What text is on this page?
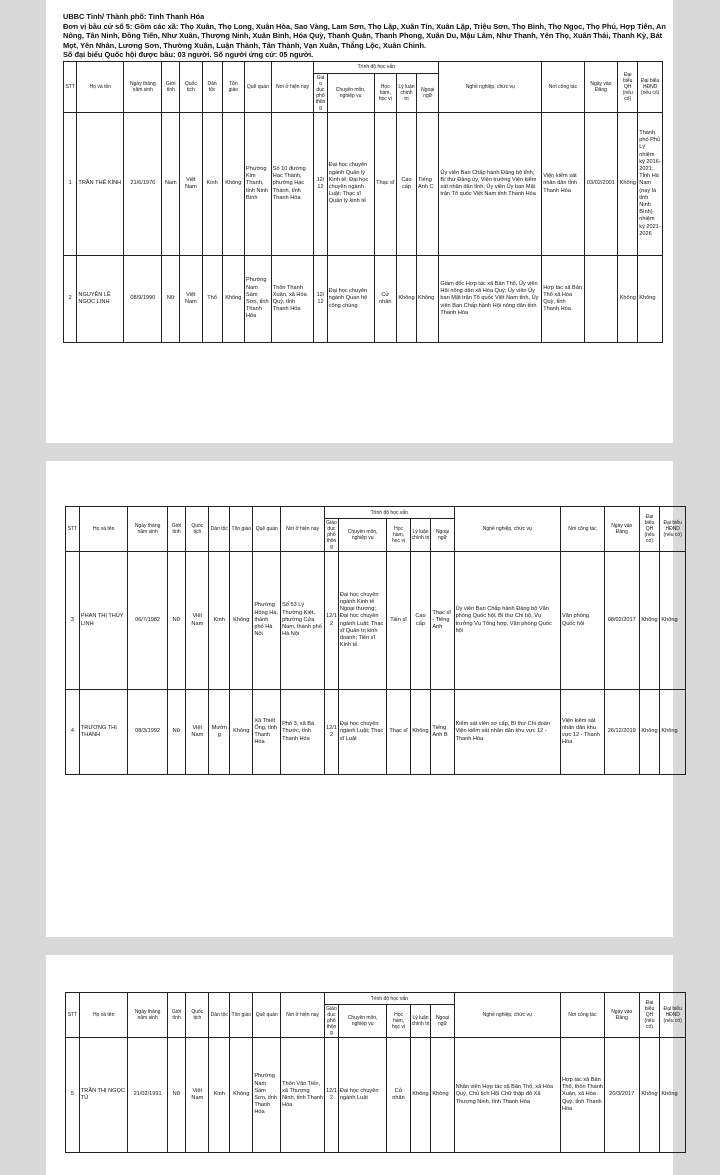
UBBC Tỉnh/ Thành phố: Tỉnh Thanh Hóa
Đơn vị bầu cử số 5: Gồm các xã: Thọ Xuân, Thọ Long, Xuân Hòa, Sao Vàng, Lam Sơn, Thọ Lập, Xuân Tín, Xuân Lập, Triệu Sơn, Thọ Bình, Thọ Ngọc, Thọ Phú, Hợp Tiến, An Nông, Tân Ninh, Đồng Tiến, Như Xuân, Thượng Ninh, Xuân Bình, Hóa Quỳ, Thanh Quân, Thanh Phong, Xuân Du, Mậu Lâm, Như Thanh, Yên Thọ, Xuân Thái, Thanh Kỳ, Bát Mọt, Yên Nhân, Lương Sơn, Thường Xuân, Luận Thành, Tân Thành, Vạn Xuân, Thắng Lộc, Xuân Chinh.
Số đại biểu Quốc hội được bầu: 03 người. Số người ứng cử: 05 người.
STT	Họ và tên	Ngày tháng năm sinh	Giới tính	Quốc tịch	Dân tộc	Tôn giáo	Quê quán	Nơi ở hiện nay	Trình độ học vấn					Nghề nghiệp, chức vụ	Nơi công tác	Ngày vào Đảng	Đại biểu QH (nếu có)	Đại biểu HĐND (nếu có)
									Giáo dục phổ thông	Chuyên môn, nghiệp vụ	Học hàm, học vị	Lý luận chính trị	Ngoại ngữ					
1	TRẦN THẾ KÍNH	21/6/1976	Nam	Việt Nam	Kinh	Không	Phường Kim Thanh, tỉnh Ninh Bình	Số 10 đường Hạc Thành, phường Hạc Thành, tỉnh Thanh Hóa	12/12	Đại học chuyên ngành Quản lý Kinh tế; Đại học chuyên ngành Luật; Thạc sĩ Quản lý kinh tế	Thạc sĩ	Cao cấp	Tiếng Anh C	Ủy viên Ban Chấp hành Đảng bộ tỉnh; Bí thư Đảng ủy, Viện trưởng Viện kiểm sát nhân dân tỉnh; Ủy viên Ủy ban Mặt trận Tổ quốc Việt Nam tỉnh Thanh Hóa	Viện kiểm sát nhân dân tỉnh Thanh Hóa	03/02/2001	Không	Thành phố Phủ Lý nhiệm kỳ 2016-2021; Tỉnh Hà Nam (nay là tỉnh Ninh Bình) nhiệm kỳ 2021-2026
2	NGUYỄN LÊ NGỌC LINH	08/9/1990	Nữ	Việt Nam	Thổ	Không	Phường Nam Sầm Sơn, tỉnh Thanh Hóa	Thôn Thanh Xuân, xã Hóa Quỳ, tỉnh Thanh Hóa	12/12	Đại học chuyên ngành Quan hệ công chúng	Cử nhân	Không	Không	Giám đốc Hợp tác xã Bản Thổ, Ủy viên Hội nông dân xã Hóa Quỳ; Ủy viên Ủy ban Mặt trận Tổ quốc Việt Nam tỉnh, Ủy viên Ban Chấp hành Hội nông dân tỉnh Thanh Hóa	Hợp tác xã Bản Thổ xã Hóa Quỳ, tỉnh Thanh Hóa		Không	Không
STT	Họ và tên	Ngày tháng năm sinh	Giới tính	Quốc tịch	Dân tộc	Tôn giáo	Quê quán	Nơi ở hiện nay	Trình độ học vấn					Nghề nghiệp, chức vụ	Nơi công tác	Ngày vào Đảng	Đại biểu QH (nếu có)	Đại biểu HĐND (nếu có)
									Giáo dục phổ thông	Chuyên môn, nghiệp vụ	Học hàm, học vị	Lý luận chính trị	Ngoại ngữ					
3	PHAN THỊ THÙY LINH	06/7/1982	Nữ	Việt Nam	Kinh	Không	Phường Hồng Hà, thành phố Hà Nội	Số 53 Lý Thường Kiệt, phường Cửa Nam, thành phố Hà Nội	12/12	Đại học chuyên ngành Kinh tế Ngoại thương; Đại học chuyên ngành Luật; Thạc sĩ Quản trị kinh doanh; Tiến sĩ Kinh tế	Tiến sĩ	Cao cấp	Thạc sĩ - Tiếng Anh	Ủy viên Ban Chấp hành Đảng bộ Văn phòng Quốc hội, Bí thư Chi bộ, Vụ trưởng Vụ Tổng hợp, Văn phòng Quốc hội	Văn phòng Quốc hội	08/02/2017	Không	Không
4	TRƯƠNG THỊ THANH	08/3/1992	Nữ	Việt Nam	Mường	Không	Xã Thiết Ống, tỉnh Thanh Hóa	Phố 3, xã Bá Thước, tỉnh Thanh Hóa	12/12	Đại học chuyên ngành Luật; Thạc sĩ Luật	Thạc sĩ	Không	Tiếng Anh B	Kiểm sát viên sơ cấp, Bí thư Chi đoàn Viện kiểm sát nhân dân khu vực 12 - Thanh Hóa	Viện kiểm sát nhân dân khu vực 12 - Thanh Hóa	26/12/2019	Không	Không
STT	Họ và tên	Ngày tháng năm sinh	Giới tính	Quốc tịch	Dân tộc	Tôn giáo	Quê quán	Nơi ở hiện nay	Trình độ học vấn					Nghề nghiệp, chức vụ	Nơi công tác	Ngày vào Đảng	Đại biểu QH (nếu có)	Đại biểu HĐND (nếu có)
									Giáo dục phổ thông	Chuyên môn, nghiệp vụ	Học hàm, học vị	Lý luận chính trị	Ngoại ngữ					
5	TRẦN THỊ NGỌC TÚ	21/02/1991	Nữ	Việt Nam	Kinh	Không	Phường Nam Sầm Sơn, tỉnh Thanh Hóa	Thôn Văn Tiến, xã Thượng Ninh, tỉnh Thanh Hóa	12/12	Đại học chuyên ngành Luật	Cử nhân	Không	Không	Nhân viên Hợp tác xã Bản Thổ, xã Hóa Quỳ, Chủ tịch Hội Chữ thập đỏ Xã Thượng Ninh, tỉnh Thanh Hóa	Hợp tác xã Bản Thổ, thôn Thanh Xuân, xã Hóa Quỳ, tỉnh Thanh Hóa	20/3/2017	Không	Không
